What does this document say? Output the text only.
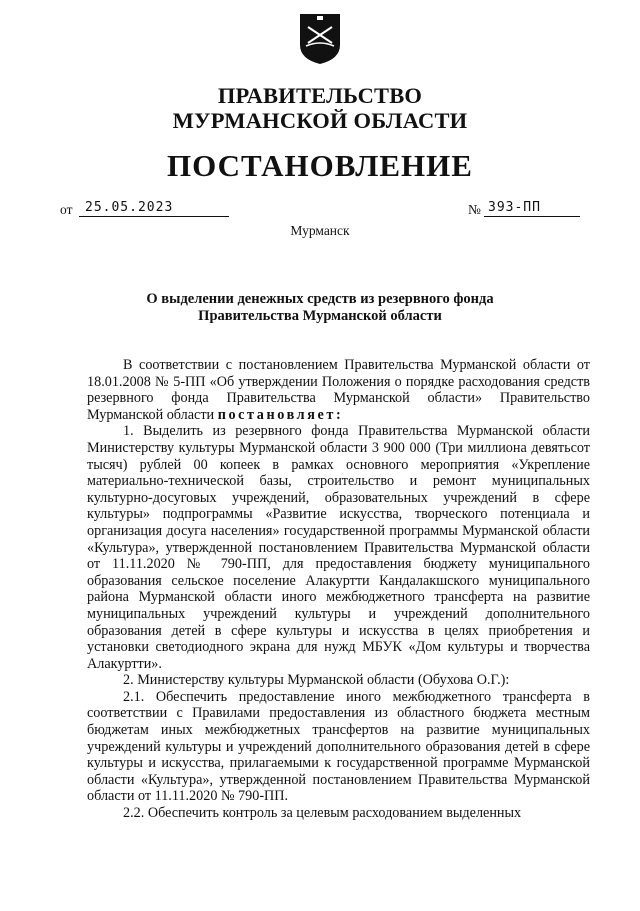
ПРАВИТЕЛЬСТВО
МУРМАНСКОЙ ОБЛАСТИ
ПОСТАНОВЛЕНИЕ
от 25.05.2023	№ 393-ПП
Мурманск
О выделении денежных средств из резервного фонда
Правительства Мурманской области

В соответствии с постановлением Правительства Мурманской области от 18.01.2008 № 5-ПП «Об утверждении Положения о порядке расходования средств резервного фонда Правительства Мурманской области» Правительство Мурманской области постановляет:

1. Выделить из резервного фонда Правительства Мурманской области Министерству культуры Мурманской области 3 900 000 (Три миллиона девятьсот тысяч) рублей 00 копеек в рамках основного мероприятия «Укрепление материально-технической базы, строительство и ремонт муниципальных культурно-досуговых учреждений, образовательных учреждений в сфере культуры» подпрограммы «Развитие искусства, творческого потенциала и организация досуга населения» государственной программы Мурманской области «Культура», утвержденной постановлением Правительства Мурманской области от 11.11.2020 № 790-ПП, для предоставления бюджету муниципального образования сельское поселение Алакуртти Кандалакшского муниципального района Мурманской области иного межбюджетного трансферта на развитие муниципальных учреждений культуры и учреждений дополнительного образования детей в сфере культуры и искусства в целях приобретения и установки светодиодного экрана для нужд МБУК «Дом культуры и творчества Алакуртти».

2. Министерству культуры Мурманской области (Обухова О.Г.):

2.1. Обеспечить предоставление иного межбюджетного трансферта в соответствии с Правилами предоставления из областного бюджета местным бюджетам иных межбюджетных трансфертов на развитие муниципальных учреждений культуры и учреждений дополнительного образования детей в сфере культуры и искусства, прилагаемыми к государственной программе Мурманской области «Культура», утвержденной постановлением Правительства Мурманской области от 11.11.2020 № 790-ПП.

2.2. Обеспечить контроль за целевым расходованием выделенных
